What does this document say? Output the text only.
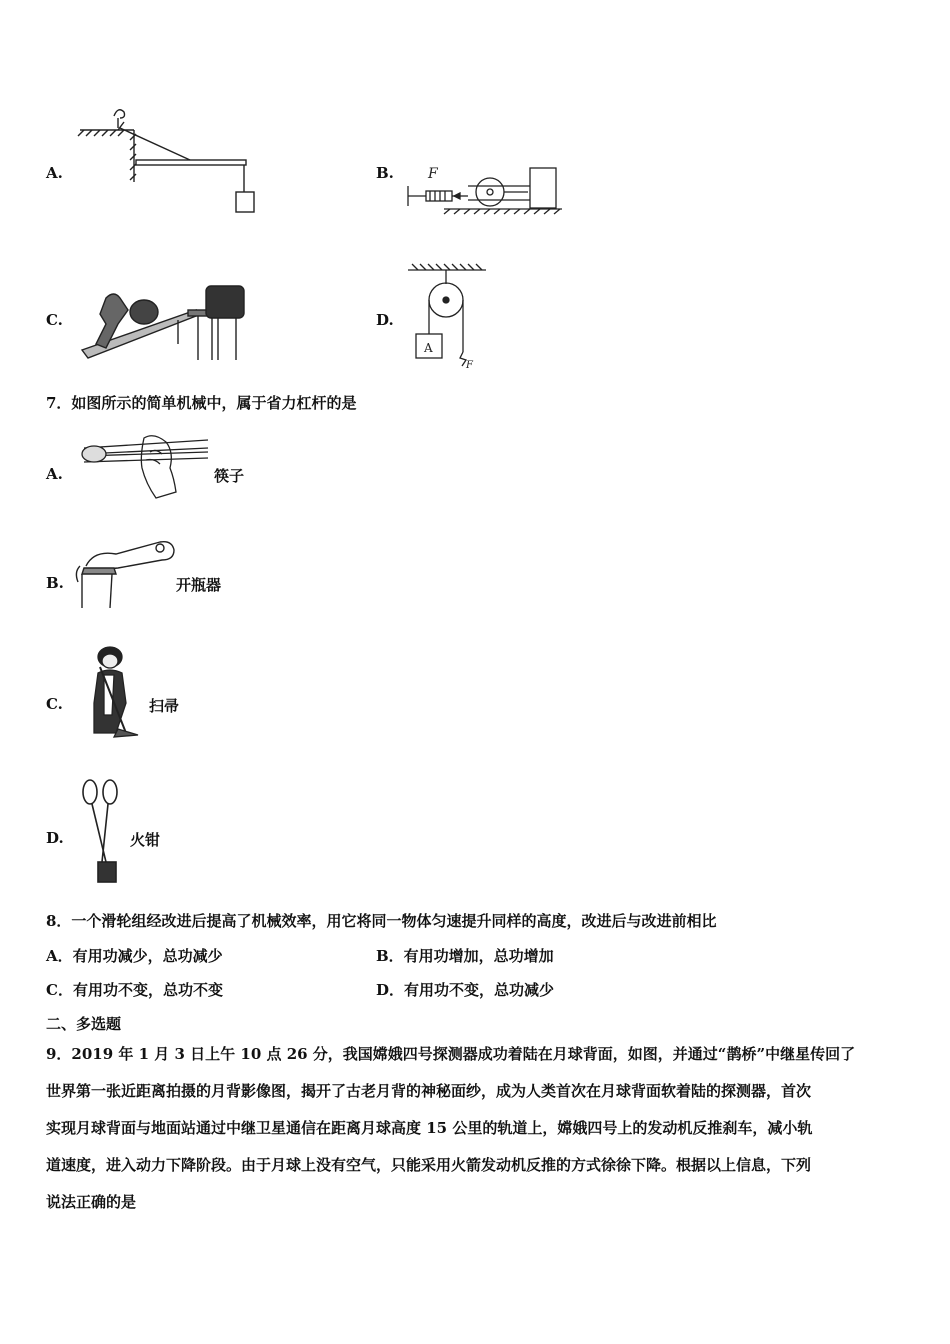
A.	B. F
C.	D.
A
F
7．如图所示的简单机械中，属于省力杠杆的是
A.	筷子
B.	开瓶器
C.	扫帚
D.	火钳
8．一个滑轮组经改进后提高了机械效率，用它将同一物体匀速提升同样的高度，改进后与改进前相比
A．有用功减少，总功减少	B．有用功增加，总功增加
C．有用功不变，总功不变	D．有用功不变，总功减少
二、多选题
9．2019 年 1 月 3 日上午 10 点 26 分，我国嫦娥四号探测器成功着陆在月球背面，如图，并通过“鹊桥”中继星传回了
世界第一张近距离拍摄的月背影像图，揭开了古老月背的神秘面纱，成为人类首次在月球背面软着陆的探测器，首次
实现月球背面与地面站通过中继卫星通信在距离月球高度 15 公里的轨道上，嫦娥四号上的发动机反推刹车，减小轨
道速度，进入动力下降阶段。由于月球上没有空气，只能采用火箭发动机反推的方式徐徐下降。根据以上信息，下列
说法正确的是
